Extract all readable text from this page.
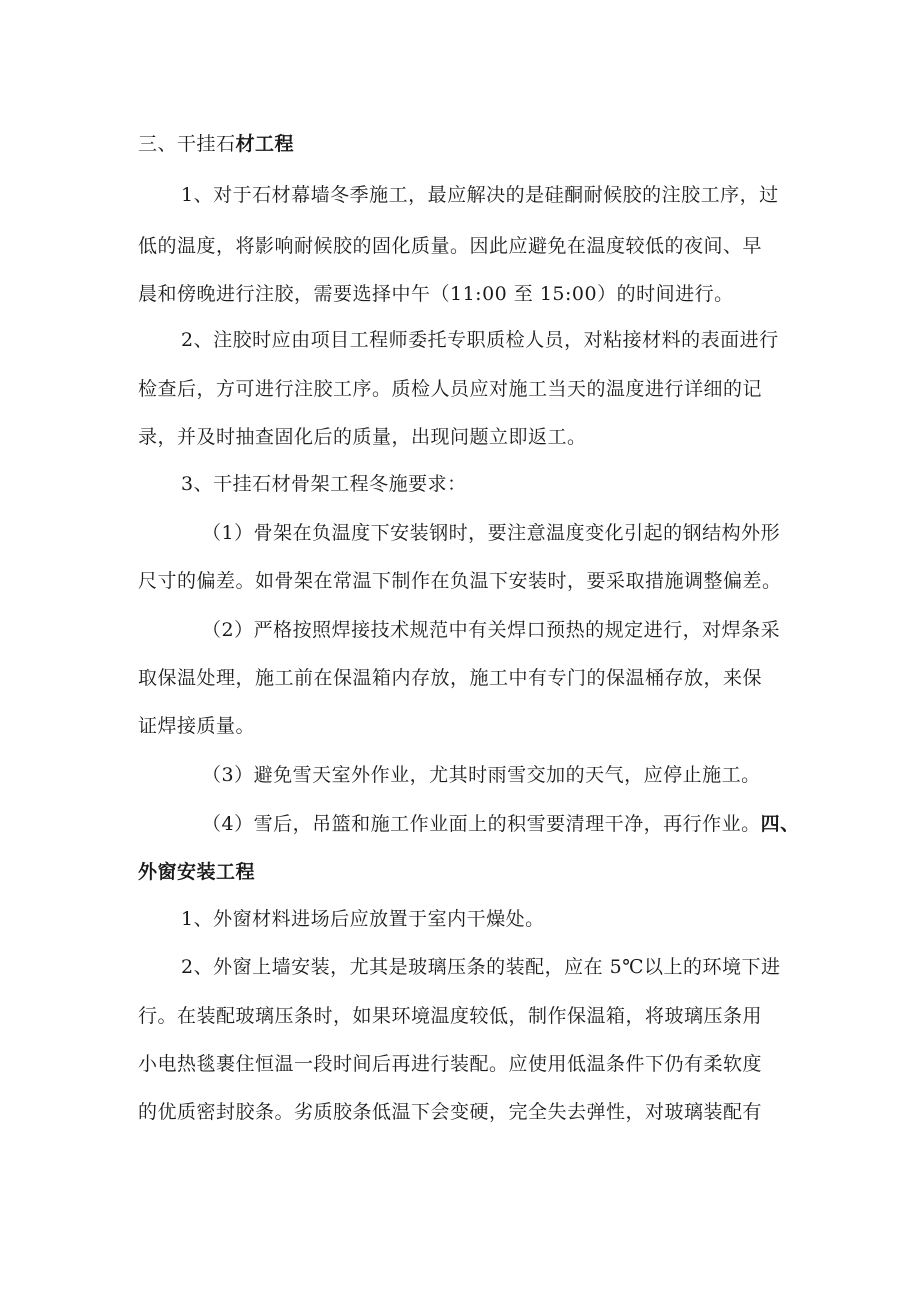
三、干挂石材工程
1、对于石材幕墙冬季施工，最应解决的是硅酮耐候胶的注胶工序，过
低的温度，将影响耐候胶的固化质量。因此应避免在温度较低的夜间、早
晨和傍晚进行注胶，需要选择中午（11:00 至 15:00）的时间进行。
2、注胶时应由项目工程师委托专职质检人员，对粘接材料的表面进行
检查后，方可进行注胶工序。质检人员应对施工当天的温度进行详细的记
录，并及时抽查固化后的质量，出现问题立即返工。
3、干挂石材骨架工程冬施要求：
（1）骨架在负温度下安装钢时，要注意温度变化引起的钢结构外形
尺寸的偏差。如骨架在常温下制作在负温下安装时，要采取措施调整偏差。
（2）严格按照焊接技术规范中有关焊口预热的规定进行，对焊条采
取保温处理，施工前在保温箱内存放，施工中有专门的保温桶存放，来保
证焊接质量。
（3）避免雪天室外作业，尤其时雨雪交加的天气，应停止施工。
（4）雪后，吊篮和施工作业面上的积雪要清理干净，再行作业。四、
外窗安装工程
1、外窗材料进场后应放置于室内干燥处。
2、外窗上墙安装，尤其是玻璃压条的装配，应在 5℃以上的环境下进
行。在装配玻璃压条时，如果环境温度较低，制作保温箱，将玻璃压条用
小电热毯裹住恒温一段时间后再进行装配。应使用低温条件下仍有柔软度
的优质密封胶条。劣质胶条低温下会变硬，完全失去弹性，对玻璃装配有
